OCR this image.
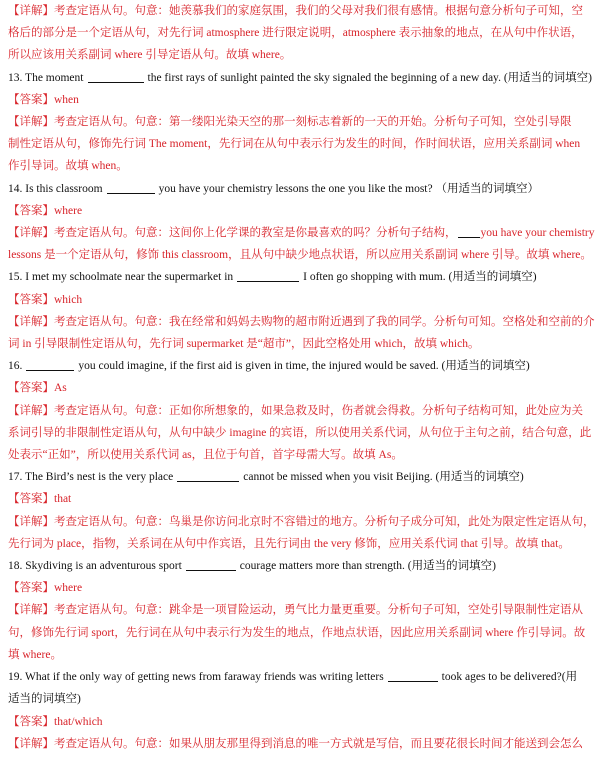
【详解】考查定语从句。句意：她羡慕我们的家庭氛围，我们的父母对我们很有感情。根据句意分析句子可知，空
格后的部分是一个定语从句，对先行词 atmosphere 进行限定说明，atmosphere 表示抽象的地点，在从句中作状语，
所以应该用关系副词 where 引导定语从句。故填 where。
13. The moment	the first rays of sunlight painted the sky signaled the beginning of a new day. (用适当的词填空)
【答案】when
【详解】考查定语从句。句意：第一缕阳光染天空的那一刻标志着新的一天的开始。分析句子可知，空处引导限
制性定语从句，修饰先行词 The moment，先行词在从句中表示行为发生的时间，作时间状语，应用关系副词 when
作引导词。故填 when。
14. Is this classroom	you have your chemistry lessons the one you like the most? （用适当的词填空）
【答案】where
【详解】考查定语从句。句意：这间你上化学课的教室是你最喜欢的吗？分析句子结构， you have your chemistry
lessons 是一个定语从句，修饰 this classroom，且从句中缺少地点状语，所以应用关系副词 where 引导。故填 where。
15. I met my schoolmate near the supermarket in	I often go shopping with mum. (用适当的词填空)
【答案】which
【详解】考查定语从句。句意：我在经常和妈妈去购物的超市附近遇到了我的同学。分析句可知。空格处和空前的介
词 in 引导限制性定语从句，先行词 supermarket 是“超市”，因此空格处用 which，故填 which。
16.	you could imagine, if the first aid is given in time, the injured would be saved. (用适当的词填空)
【答案】As
【详解】考查定语从句。句意：正如你所想象的，如果急救及时，伤者就会得救。分析句子结构可知，此处应为关
系词引导的非限制性定语从句，从句中缺少 imagine 的宾语，所以使用关系代词，从句位于主句之前，结合句意，此
处表示“正如”，所以使用关系代词 as，且位于句首，首字母需大写。故填 As。
17. The Bird’s nest is the very place	cannot be missed when you visit Beijing. (用适当的词填空)
【答案】that
【详解】考查定语从句。句意：鸟巢是你访问北京时不容错过的地方。分析句子成分可知，此处为限定性定语从句，
先行词为 place，指物，关系词在从句中作宾语，且先行词由 the very 修饰，应用关系代词 that 引导。故填 that。
18. Skydiving is an adventurous sport	courage matters more than strength. (用适当的词填空)
【答案】where
【详解】考查定语从句。句意：跳伞是一项冒险运动，勇气比力量更重要。分析句子可知，空处引导限制性定语从
句，修饰先行词 sport，先行词在从句中表示行为发生的地点，作地点状语，因此应用关系副词 where 作引导词。故
填 where。
19. What if the only way of getting news from faraway friends was writing letters	took ages to be delivered?(用
适当的词填空)
【答案】that/which
【详解】考查定语从句。句意：如果从朋友那里得到消息的唯一方式就是写信，而且要花很长时间才能送到会怎么
